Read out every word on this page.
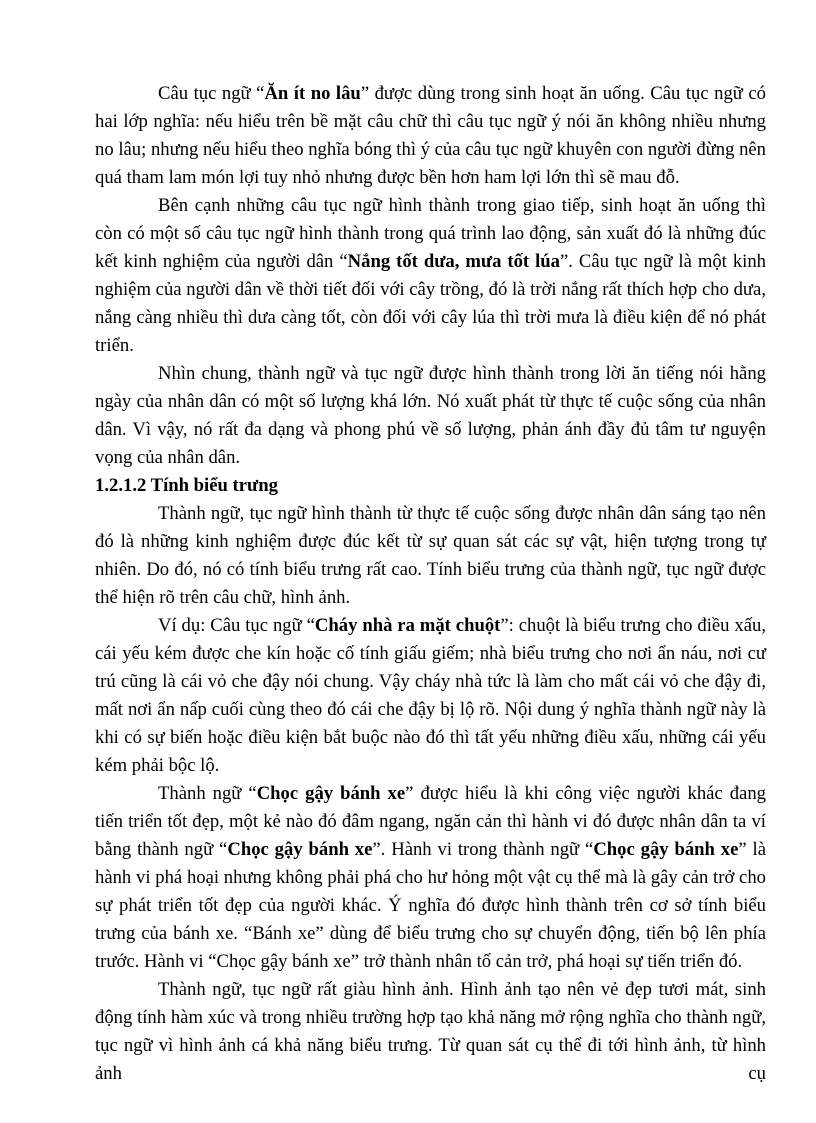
Câu tục ngữ “Ăn ít no lâu” được dùng trong sinh hoạt ăn uống. Câu tục ngữ có hai lớp nghĩa: nếu hiểu trên bề mặt câu chữ thì câu tục ngữ ý nói ăn không nhiều nhưng no lâu; nhưng nếu hiểu theo nghĩa bóng thì ý của câu tục ngữ khuyên con người đừng nên quá tham lam món lợi tuy nhỏ nhưng được bền hơn ham lợi lớn thì sẽ mau đỗ.

Bên cạnh những câu tục ngữ hình thành trong giao tiếp, sinh hoạt ăn uống thì còn có một số câu tục ngữ hình thành trong quá trình lao động, sản xuất đó là những đúc kết kinh nghiệm của người dân “Nắng tốt dưa, mưa tốt lúa”. Câu tục ngữ là một kinh nghiệm của người dân về thời tiết đối với cây trồng, đó là trời nắng rất thích hợp cho dưa, nắng càng nhiều thì dưa càng tốt, còn đối với cây lúa thì trời mưa là điều kiện để nó phát triển.

Nhìn chung, thành ngữ và tục ngữ được hình thành trong lời ăn tiếng nói hằng ngày của nhân dân có một số lượng khá lớn. Nó xuất phát từ thực tế cuộc sống của nhân dân. Vì vậy, nó rất đa dạng và phong phú về số lượng, phản ánh đầy đủ tâm tư nguyện vọng của nhân dân.

1.2.1.2 Tính biểu trưng

Thành ngữ, tục ngữ hình thành từ thực tế cuộc sống được nhân dân sáng tạo nên đó là những kinh nghiệm được đúc kết từ sự quan sát các sự vật, hiện tượng trong tự nhiên. Do đó, nó có tính biểu trưng rất cao. Tính biểu trưng của thành ngữ, tục ngữ được thể hiện rõ trên câu chữ, hình ảnh.

Ví dụ: Câu tục ngữ “Cháy nhà ra mặt chuột”: chuột là biểu trưng cho điều xấu, cái yếu kém được che kín hoặc cố tính giấu giếm; nhà biểu trưng cho nơi ẩn náu, nơi cư trú cũng là cái vỏ che đậy nói chung. Vậy cháy nhà tức là làm cho mất cái vỏ che đậy đi, mất nơi ẩn nấp cuối cùng theo đó cái che đậy bị lộ rõ. Nội dung ý nghĩa thành ngữ này là khi có sự biến hoặc điều kiện bắt buộc nào đó thì tất yếu những điều xấu, những cái yếu kém phải bộc lộ.

Thành ngữ “Chọc gậy bánh xe” được hiểu là khi công việc người khác đang tiến triển tốt đẹp, một kẻ nào đó đâm ngang, ngăn cản thì hành vi đó được nhân dân ta ví bằng thành ngữ “Chọc gậy bánh xe”. Hành vi trong thành ngữ “Chọc gậy bánh xe” là hành vi phá hoại nhưng không phải phá cho hư hỏng một vật cụ thể mà là gây cản trở cho sự phát triển tốt đẹp của người khác. Ý nghĩa đó được hình thành trên cơ sở tính biểu trưng của bánh xe. “Bánh xe” dùng để biểu trưng cho sự chuyển động, tiến bộ lên phía trước. Hành vi “Chọc gậy bánh xe” trở thành nhân tố cản trở, phá hoại sự tiến triển đó.

Thành ngữ, tục ngữ rất giàu hình ảnh. Hình ảnh tạo nên vẻ đẹp tươi mát, sinh động tính hàm xúc và trong nhiều trường hợp tạo khả năng mở rộng nghĩa cho thành ngữ, tục ngữ vì hình ảnh cá khả năng biểu trưng. Từ quan sát cụ thể đi tới hình ảnh, từ hình ảnh cụ
